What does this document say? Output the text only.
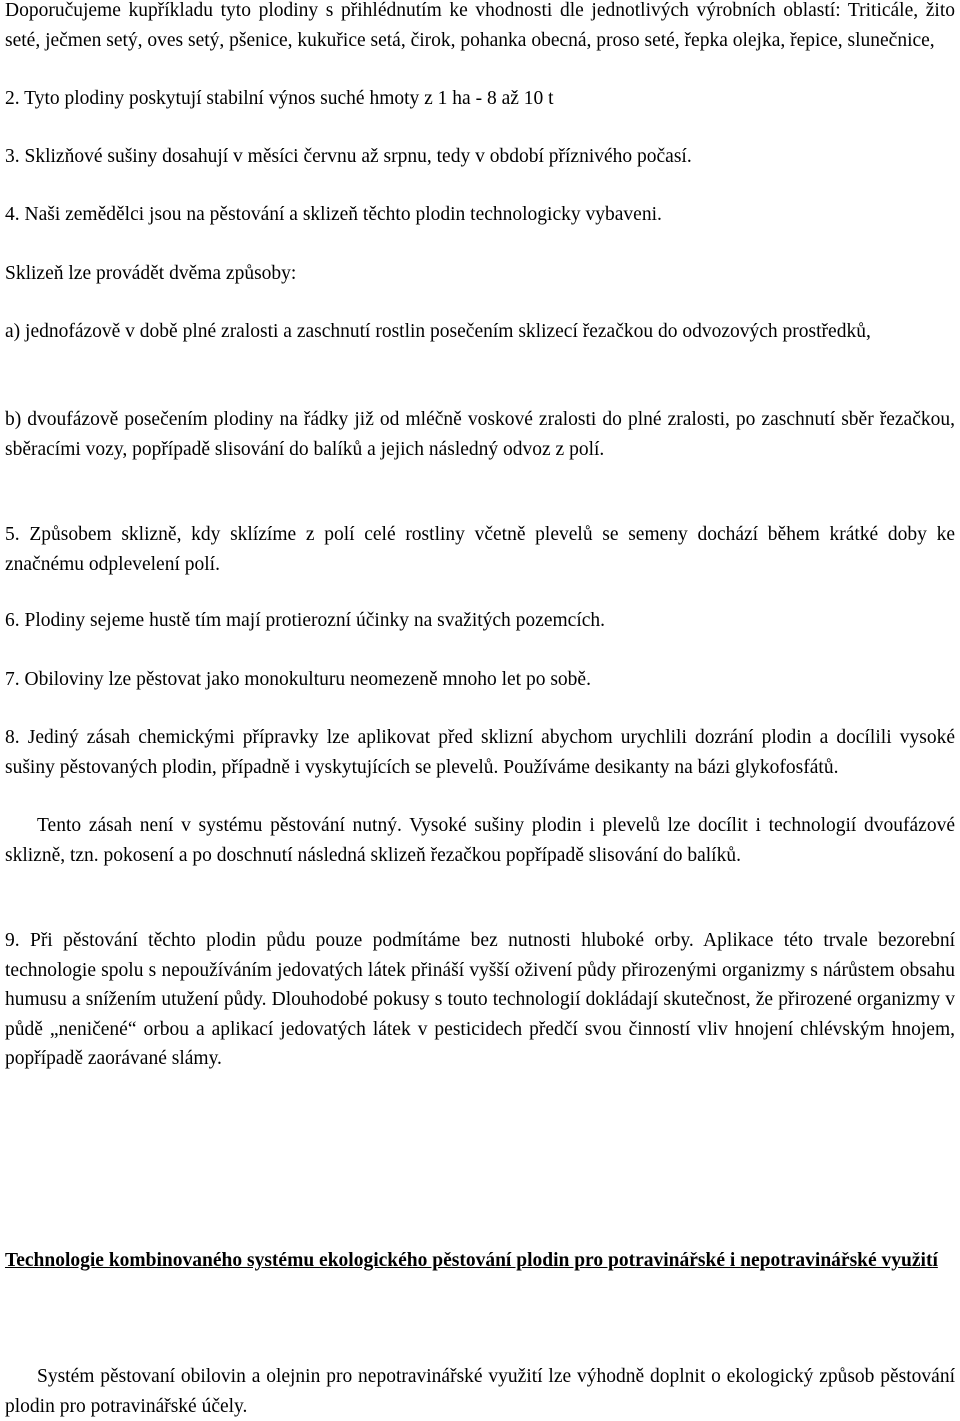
Doporučujeme kupříkladu tyto plodiny s přihlédnutím ke vhodnosti dle jednotlivých výrobních oblastí: Triticále, žito seté, ječmen setý, oves setý, pšenice, kukuřice setá, čirok, pohanka obecná, proso seté, řepka olejka, řepice, slunečnice,

2. Tyto plodiny poskytují stabilní výnos suché hmoty z 1 ha - 8 až 10 t

3. Sklizňové sušiny dosahují v měsíci červnu až srpnu, tedy v období příznivého počasí.

4. Naši zemědělci jsou na pěstování a sklizeň těchto plodin technologicky vybaveni.

Sklizeň lze provádět dvěma způsoby:

a) jednofázově v době plné zralosti a zaschnutí rostlin posečením sklizecí řezačkou do odvozových prostředků,

b) dvoufázově posečením plodiny na řádky již od mléčně voskové zralosti do plné zralosti, po zaschnutí sběr řezačkou, sběracími vozy, popřípadě slisování do balíků a jejich následný odvoz z polí.

5. Způsobem sklizně, kdy sklízíme z polí celé rostliny včetně plevelů se semeny dochází během krátké doby ke značnému odplevelení polí.

6. Plodiny sejeme hustě tím mají protierozní účinky na svažitých pozemcích.

7. Obiloviny lze pěstovat jako monokulturu neomezeně mnoho let po sobě.

8. Jediný zásah chemickými přípravky lze aplikovat před sklizní abychom urychlili dozrání plodin a docílili vysoké sušiny pěstovaných plodin, případně i vyskytujících se plevelů. Používáme desikanty na bázi glykofosfátů.

Tento zásah není v systému pěstování nutný. Vysoké sušiny plodin i plevelů lze docílit i technologií dvoufázové sklizně, tzn. pokosení a po doschnutí následná sklizeň řezačkou popřípadě slisování do balíků.

9. Při pěstování těchto plodin půdu pouze podmítáme bez nutnosti hluboké orby. Aplikace této trvale bezorební technologie spolu s nepoužíváním jedovatých látek přináší vyšší oživení půdy přirozenými organizmy s nárůstem obsahu humusu a snížením utužení půdy. Dlouhodobé pokusy s touto technologií dokládají skutečnost, že přirozené organizmy v půdě „neničené“ orbou a aplikací jedovatých látek v pesticidech předčí svou činností vliv hnojení chlévským hnojem, popřípadě zaorávané slámy.

Technologie kombinovaného systému ekologického pěstování plodin pro potravinářské i nepotravinářské využití

Systém pěstovaní obilovin a olejnin pro nepotravinářské využití lze výhodně doplnit o ekologický způsob pěstování plodin pro potravinářské účely.
